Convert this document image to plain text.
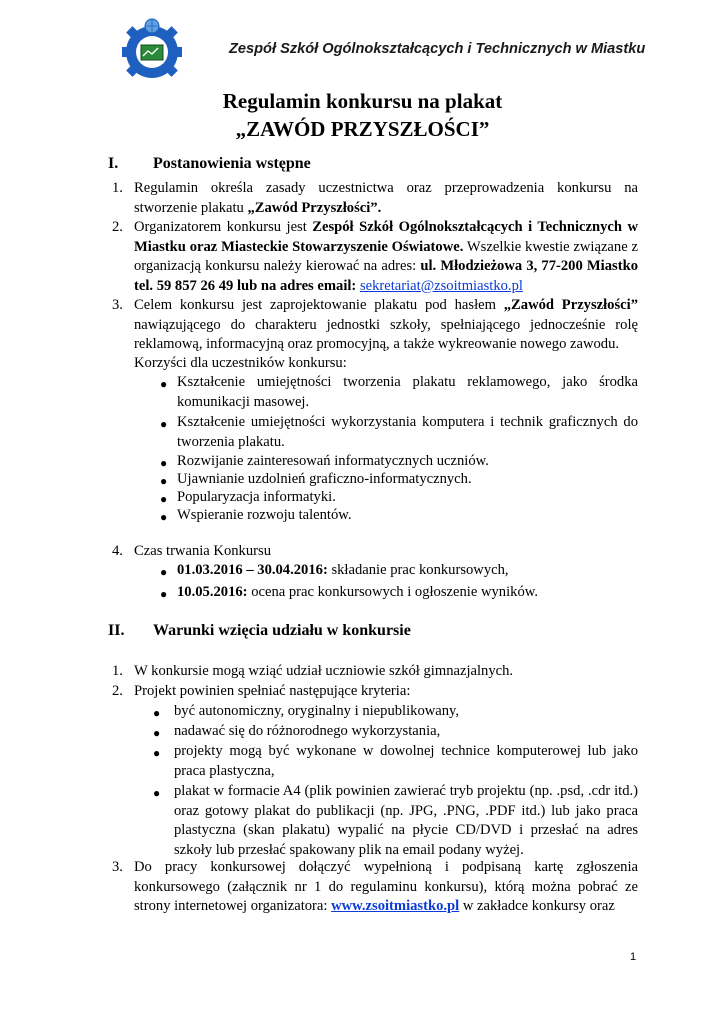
Zespół Szkół Ogólnokształcących i Technicznych w Miastku
Regulamin konkursu na plakat
„ZAWÓD PRZYSZŁOŚCI”
I. Postanowienia wstępne
1. Regulamin określa zasady uczestnictwa oraz przeprowadzenia konkursu na stworzenie plakatu „Zawód Przyszłości”.
2. Organizatorem konkursu jest Zespół Szkół Ogólnokształcących i Technicznych w Miastku oraz Miasteckie Stowarzyszenie Oświatowe. Wszelkie kwestie związane z organizacją konkursu należy kierować na adres: ul. Młodzieżowa 3, 77-200 Miastko tel. 59 857 26 49 lub na adres email: sekretariat@zsoitmiastko.pl
3. Celem konkursu jest zaprojektowanie plakatu pod hasłem „Zawód Przyszłości” nawiązującego do charakteru jednostki szkoły, spełniającego jednocześnie rolę reklamową, informacyjną oraz promocyjną, a także wykreowanie nowego zawodu.
Korzyści dla uczestników konkursu:
● Kształcenie umiejętności tworzenia plakatu reklamowego, jako środka komunikacji masowej.
● Kształcenie umiejętności wykorzystania komputera i technik graficznych do tworzenia plakatu.
● Rozwijanie zainteresowań informatycznych uczniów.
● Ujawnianie uzdolnień graficzno-informatycznych.
● Popularyzacja informatyki.
● Wspieranie rozwoju talentów.
4. Czas trwania Konkursu
● 01.03.2016 – 30.04.2016: składanie prac konkursowych,
● 10.05.2016: ocena prac konkursowych i ogłoszenie wyników.
II. Warunki wzięcia udziału w konkursie
1. W konkursie mogą wziąć udział uczniowie szkół gimnazjalnych.
2. Projekt powinien spełniać następujące kryteria:
● być autonomiczny, oryginalny i niepublikowany,
● nadawać się do różnorodnego wykorzystania,
● projekty mogą być wykonane w dowolnej technice komputerowej lub jako praca plastyczna,
● plakat w formacie A4 (plik powinien zawierać tryb projektu (np. .psd, .cdr itd.) oraz gotowy plakat do publikacji (np. JPG, .PNG, .PDF itd.) lub jako praca plastyczna (skan plakatu) wypalić na płycie CD/DVD i przesłać na adres szkoły lub przesłać spakowany plik na email podany wyżej.
3. Do pracy konkursowej dołączyć wypełnioną i podpisaną kartę zgłoszenia konkursowego (załącznik nr 1 do regulaminu konkursu), którą można pobrać ze strony internetowej organizatora: www.zsoitmiastko.pl w zakładce konkursy oraz
1
